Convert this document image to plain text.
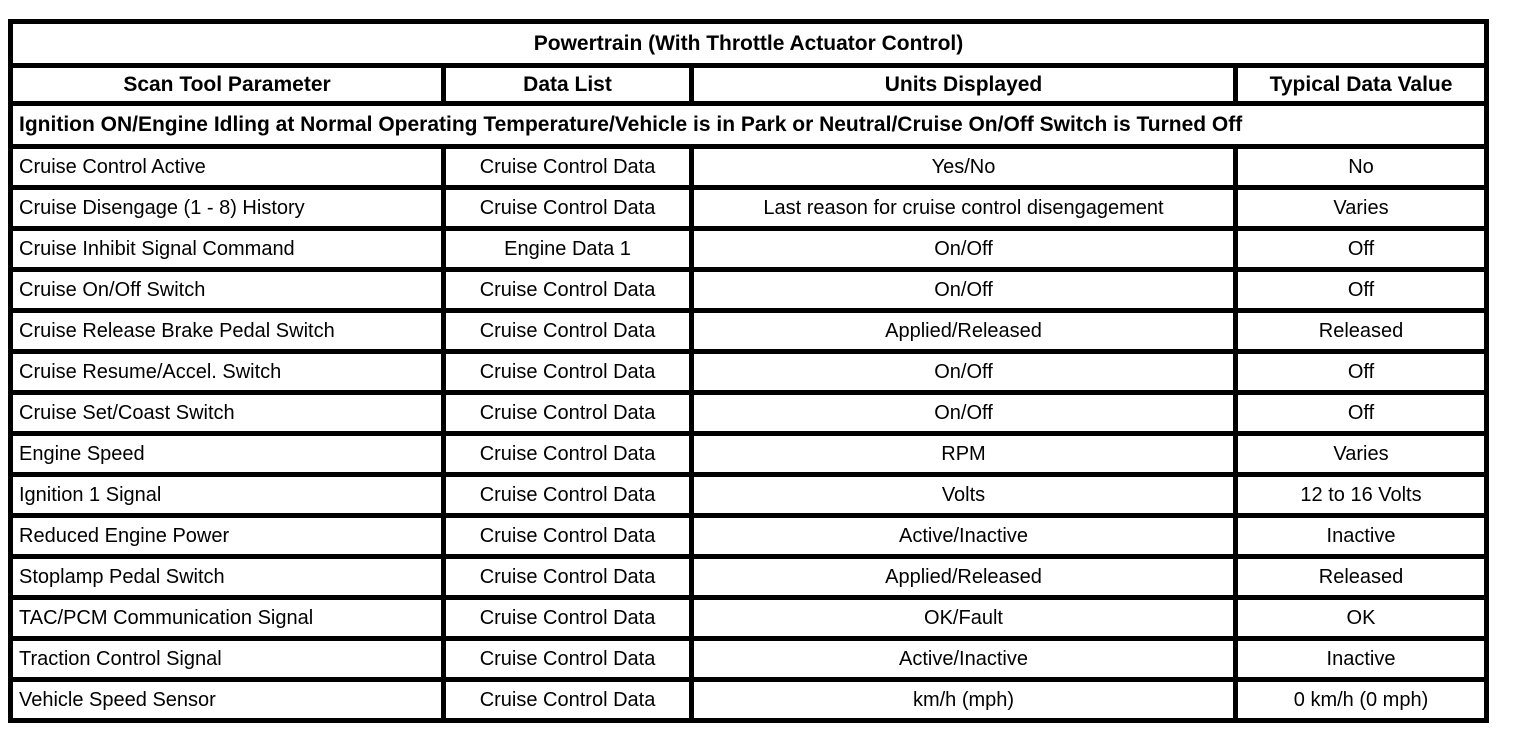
Powertrain (With Throttle Actuator Control)			
Scan Tool Parameter	Data List	Units Displayed	Typical Data Value
Ignition ON/Engine Idling at Normal Operating Temperature/Vehicle is in Park or Neutral/Cruise On/Off Switch is Turned Off			
Cruise Control Active	Cruise Control Data	Yes/No	No
Cruise Disengage (1 - 8) History	Cruise Control Data	Last reason for cruise control disengagement	Varies
Cruise Inhibit Signal Command	Engine Data 1	On/Off	Off
Cruise On/Off Switch	Cruise Control Data	On/Off	Off
Cruise Release Brake Pedal Switch	Cruise Control Data	Applied/Released	Released
Cruise Resume/Accel. Switch	Cruise Control Data	On/Off	Off
Cruise Set/Coast Switch	Cruise Control Data	On/Off	Off
Engine Speed	Cruise Control Data	RPM	Varies
Ignition 1 Signal	Cruise Control Data	Volts	12 to 16 Volts
Reduced Engine Power	Cruise Control Data	Active/Inactive	Inactive
Stoplamp Pedal Switch	Cruise Control Data	Applied/Released	Released
TAC/PCM Communication Signal	Cruise Control Data	OK/Fault	OK
Traction Control Signal	Cruise Control Data	Active/Inactive	Inactive
Vehicle Speed Sensor	Cruise Control Data	km/h (mph)	0 km/h (0 mph)
